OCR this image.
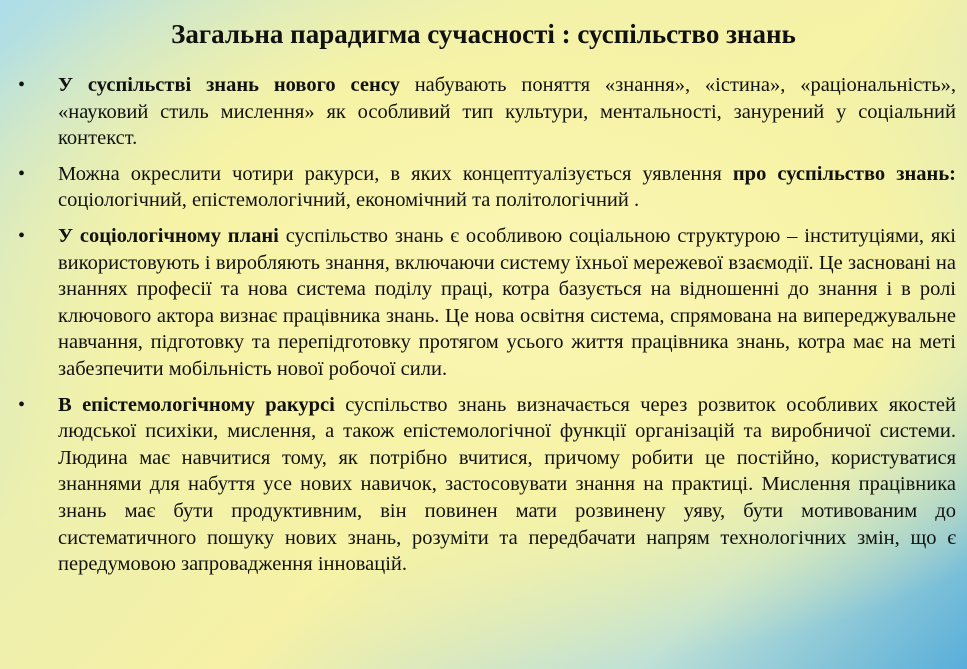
Загальна парадигма сучасності : суспільство знань
•	У суспільстві знань нового сенсу набувають поняття «знання», «істина», «раціональність», «науковий стиль мислення» як особливий тип культури, ментальності, занурений у соціальний контекст.
•	Можна окреслити чотири ракурси, в яких концептуалізується уявлення про суспільство знань: соціологічний, епістемологічний, економічний та політологічний .
•	У соціологічному плані суспільство знань є особливою соціальною структурою – інституціями, які використовують і виробляють знання, включаючи систему їхньої мережевої взаємодії. Це засновані на знаннях професії та нова система поділу праці, котра базується на відношенні до знання і в ролі ключового актора визнає працівника знань. Це нова освітня система, спрямована на випереджувальне навчання, підготовку та перепідготовку протягом усього життя працівника знань, котра має на меті забезпечити мобільність нової робочої сили.
•	В епістемологічному ракурсі суспільство знань визначається через розвиток особливих якостей людської психіки, мислення, а також епістемологічної функції організацій та виробничої системи. Людина має навчитися тому, як потрібно вчитися, причому робити це постійно, користуватися знаннями для набуття усе нових навичок, застосовувати знання на практиці. Мислення працівника знань має бути продуктивним, він повинен мати розвинену уяву, бути мотивованим до систематичного пошуку нових знань, розуміти та передбачати напрям технологічних змін, що є передумовою запровадження інновацій.
